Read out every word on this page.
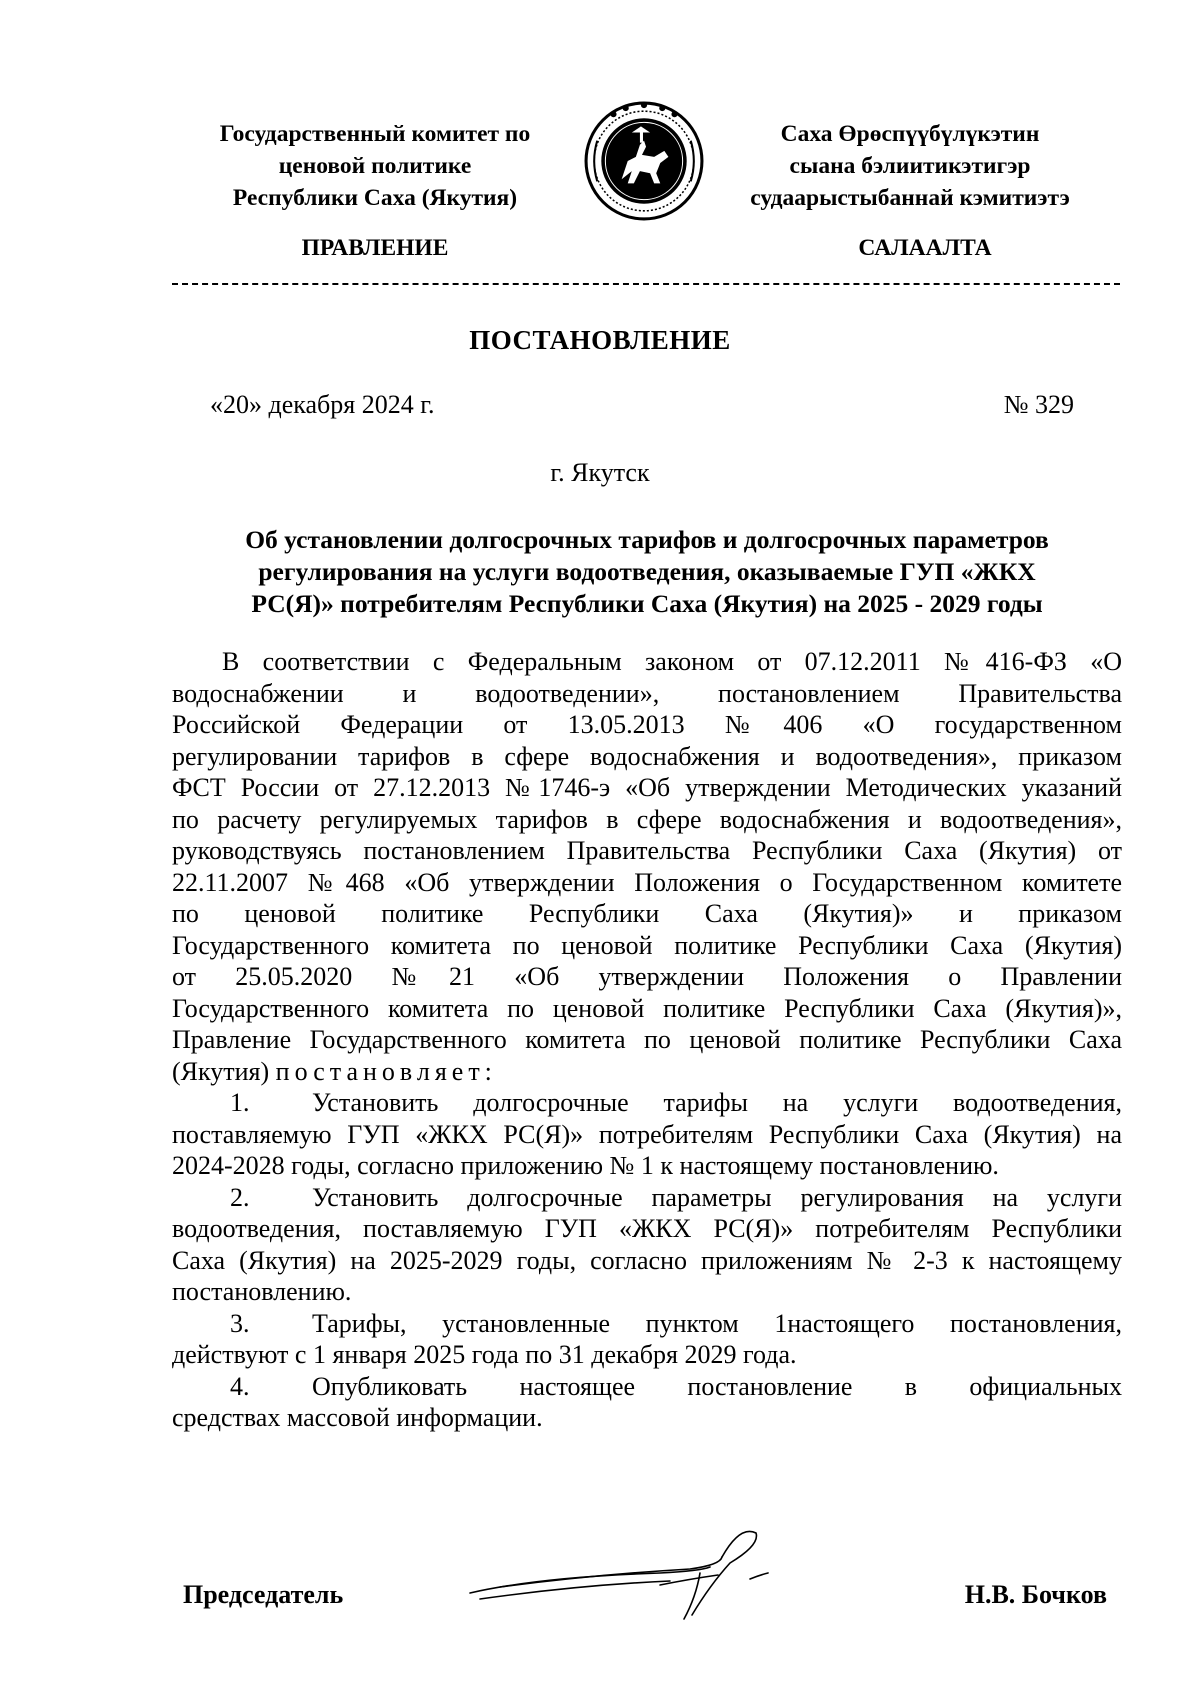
Государственный комитет по
ценовой политике
Республики Саха (Якутия)
Саха Өрөспүүбүлүкэтин
сыана бэлиитикэтигэр
судаарыстыбаннай кэмитиэтэ
ПРАВЛЕНИЕ	САЛААЛТА
ПОСТАНОВЛЕНИЕ
«20» декабря 2024 г.	№ 329
г. Якутск
Об установлении долгосрочных тарифов и долгосрочных параметров
регулирования на услуги водоотведения, оказываемые ГУП «ЖКХ
РС(Я)» потребителям Республики Саха (Якутия) на 2025 - 2029 годы
В соответствии с Федеральным законом от 07.12.2011 №416-ФЗ «О
водоснабжении и водоотведении», постановлением Правительства
Российской Федерации от 13.05.2013 №406 «О государственном
регулировании тарифов в сфере водоснабжения и водоотведения», приказом
ФСТ России от 27.12.2013 №1746-э «Об утверждении Методических указаний
по расчету регулируемых тарифов в сфере водоснабжения и водоотведения»,
руководствуясь постановлением Правительства Республики Саха (Якутия) от
22.11.2007 №468 «Об утверждении Положения о Государственном комитете
по ценовой политике Республики Саха (Якутия)» и приказом
Государственного комитета по ценовой политике Республики Саха (Якутия)
от 25.05.2020 №21 «Об утверждении Положения о Правлении
Государственного комитета по ценовой политике Республики Саха (Якутия)»,
Правление Государственного комитета по ценовой политике Республики Саха
(Якутия) постановляет:
1. Установить долгосрочные тарифы на услуги водоотведения,
поставляемую ГУП «ЖКХ РС(Я)» потребителям Республики Саха (Якутия) на
2024-2028 годы, согласно приложению № 1 к настоящему постановлению.
2. Установить долгосрочные параметры регулирования на услуги
водоотведения, поставляемую ГУП «ЖКХ РС(Я)» потребителям Республики
Саха (Якутия) на 2025-2029 годы, согласно приложениям № 2-3 к настоящему
постановлению.
3. Тарифы, установленные пунктом 1настоящего постановления,
действуют с 1 января 2025 года по 31 декабря 2029 года.
4. Опубликовать настоящее постановление в официальных
средствах массовой информации.
Председатель	Н.В. Бочков
